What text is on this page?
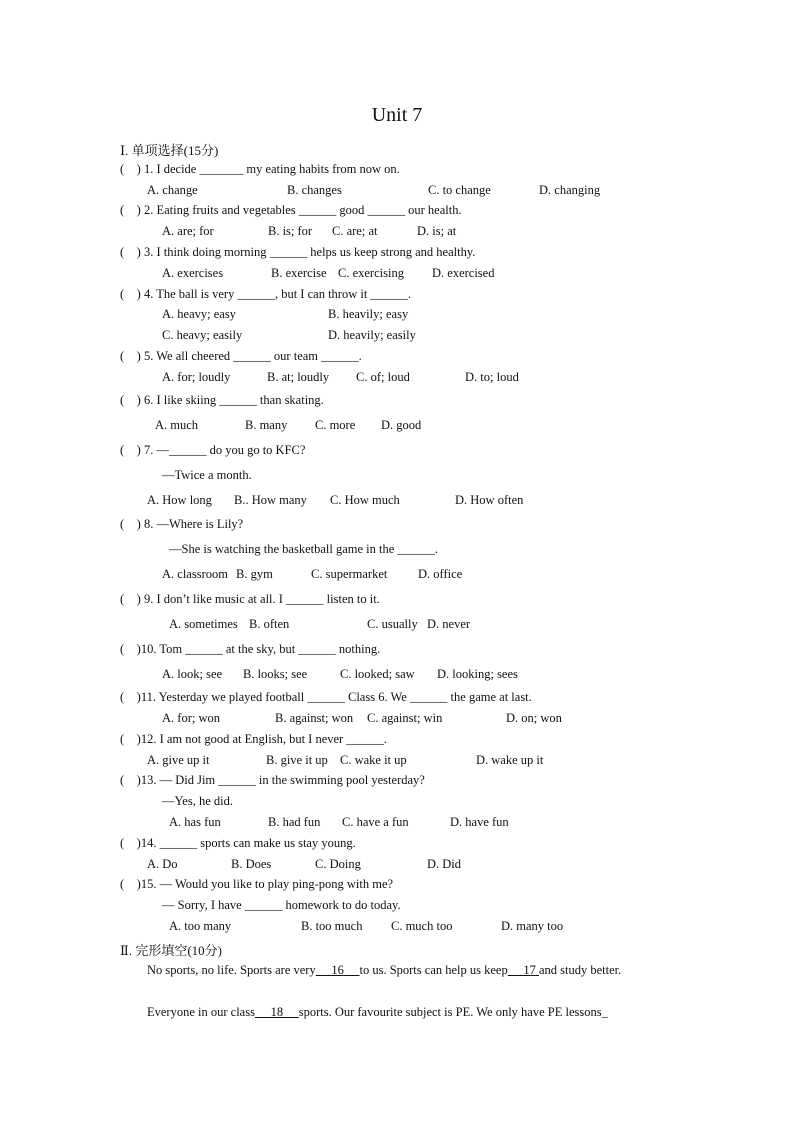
Unit 7
Ⅰ. 单项选择(15分)
(    ) 1. I decide _______ my eating habits from now on.
A. change	B. changes	C. to change	D. changing
(    ) 2. Eating fruits and vegetables ______ good ______ our health.
A. are; for	B. is; for C. are; at	D. is; at
(    ) 3. I think doing morning ______ helps us keep strong and healthy.
A. exercises	B. exercise C. exercising D. exercised
(    ) 4. The ball is very ______, but I can throw it ______.
A. heavy; easy	B. heavily; easy
C. heavy; easily	D. heavily; easily
(    ) 5. We all cheered ______ our team ______.
A. for; loudly	B. at; loudly C. of; loud	D. to; loud
(    ) 6. I like skiing ______ than skating.
A. much	B. many C. more D. good
(    ) 7. —______ do you go to KFC?
—Twice a month.
A. How long B.. How many C. How much	D. How often
(    ) 8. —Where is Lily?
—She is watching the basketball game in the ______.
A. classroom B. gym	C. supermarket D. office
(    ) 9. I don’t like music at all. I ______ listen to it.
A. sometimes B. often	C. usually D. never
(    )10. Tom ______ at the sky, but ______ nothing.
A. look; see B. looks; see	C. looked; saw D. looking; sees
(    )11. Yesterday we played football ______ Class 6. We ______ the game at last.
A. for; won	B. against; won C. against; win	D. on; won
(    )12. I am not good at English, but I never ______.
A. give up it	B. give it up C. wake it up	D. wake up it
(    )13. — Did Jim ______ in the swimming pool yesterday?
—Yes, he did.
A. has fun	B. had fun C. have a fun	D. have fun
(    )14. ______ sports can make us stay young.
A. Do	B. Does	C. Doing	D. Did
(    )15. — Would you like to play ping-pong with me?
— Sorry, I have ______ homework to do today.
A. too many	B. too much C. much too	D. many too
Ⅱ. 完形填空(10分)
No sports, no life. Sports are very 16 to us. Sports can help us keep 17 and study better.
Everyone in our class 18 sports. Our favourite subject is PE. We only have PE lessons_
